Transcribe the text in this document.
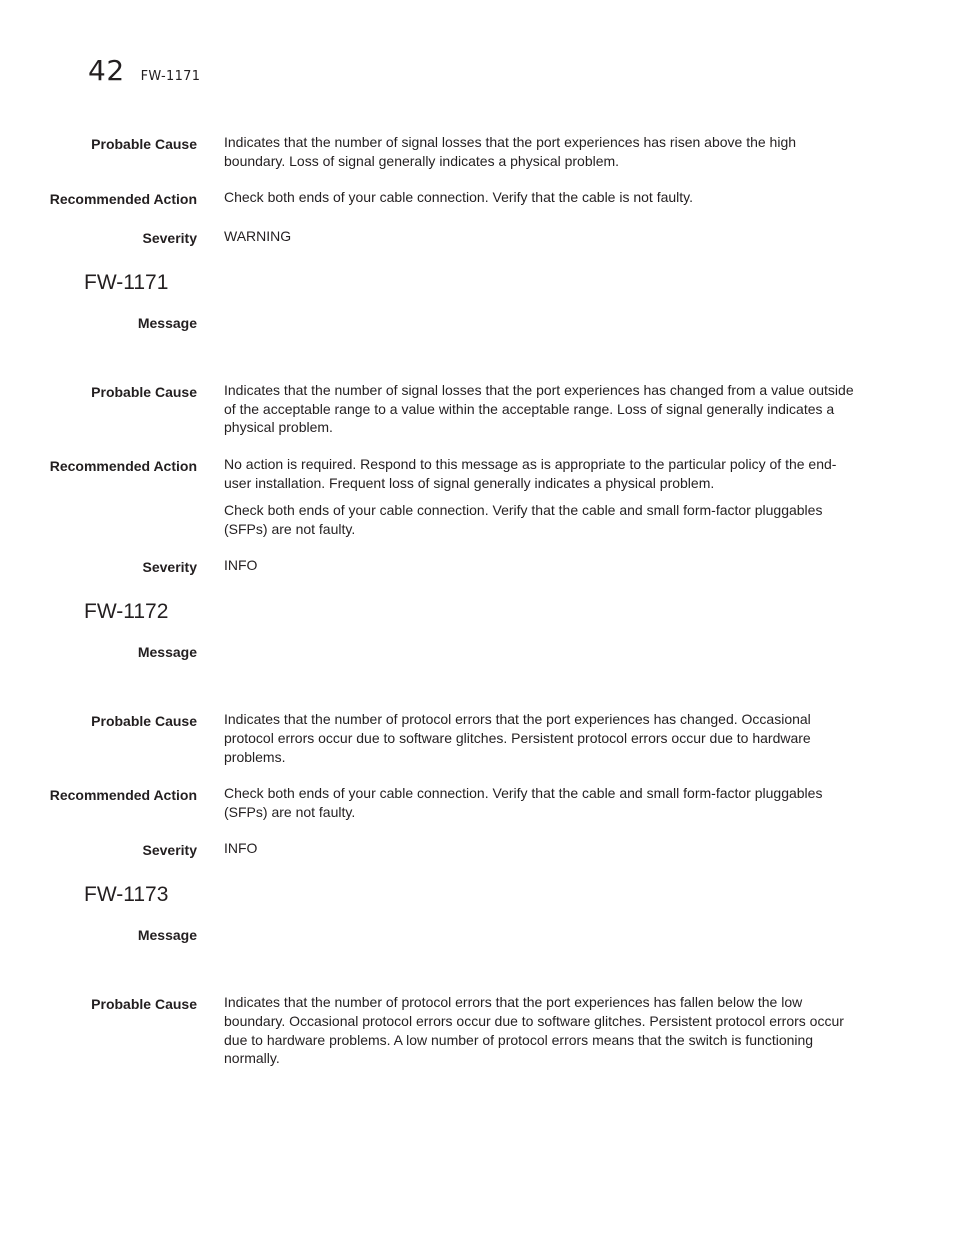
42 FW-1171
Probable Cause Indicates that the number of signal losses that the port experiences has risen above the high boundary. Loss of signal generally indicates a physical problem.

Recommended Action Check both ends of your cable connection. Verify that the cable is not faulty.

Severity WARNING
FW-1171
Message
Probable Cause Indicates that the number of signal losses that the port experiences has changed from a value outside of the acceptable range to a value within the acceptable range. Loss of signal generally indicates a physical problem.

Recommended Action No action is required. Respond to this message as is appropriate to the particular policy of the end-user installation. Frequent loss of signal generally indicates a physical problem.

Check both ends of your cable connection. Verify that the cable and small form-factor pluggables (SFPs) are not faulty.

Severity INFO
FW-1172
Message
Probable Cause Indicates that the number of protocol errors that the port experiences has changed. Occasional protocol errors occur due to software glitches. Persistent protocol errors occur due to hardware problems.

Recommended Action Check both ends of your cable connection. Verify that the cable and small form-factor pluggables (SFPs) are not faulty.

Severity INFO
FW-1173
Message
Probable Cause Indicates that the number of protocol errors that the port experiences has fallen below the low boundary. Occasional protocol errors occur due to software glitches. Persistent protocol errors occur due to hardware problems. A low number of protocol errors means that the switch is functioning normally.
